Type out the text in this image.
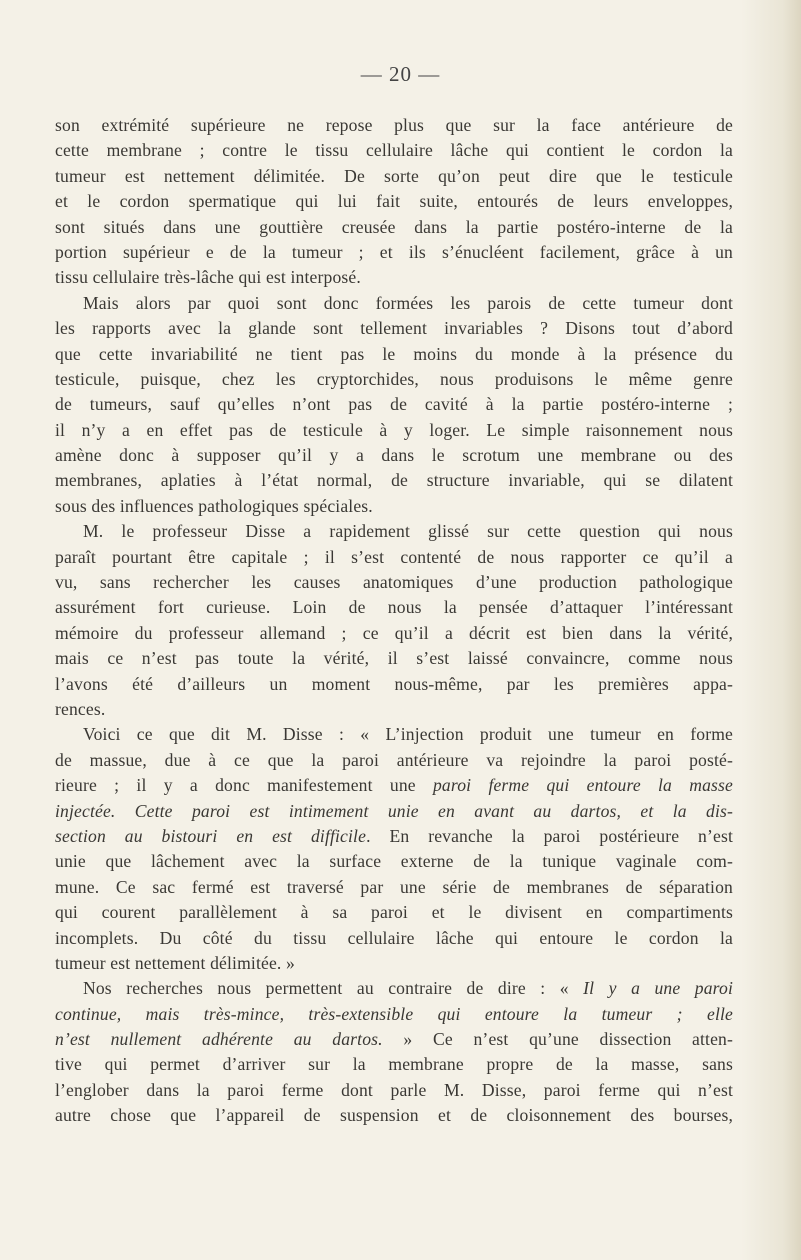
— 20 —
son extrémité supérieure ne repose plus que sur la face antérieure de
cette membrane ; contre le tissu cellulaire lâche qui contient le cordon la
tumeur est nettement délimitée. De sorte qu’on peut dire que le testicule
et le cordon spermatique qui lui fait suite, entourés de leurs enveloppes,
sont situés dans une gouttière creusée dans la partie postéro-interne de la
portion supérieur e de la tumeur ; et ils s’énucléent facilement, grâce à un
tissu cellulaire très-lâche qui est interposé.
Mais alors par quoi sont donc formées les parois de cette tumeur dont
les rapports avec la glande sont tellement invariables ? Disons tout d’abord
que cette invariabilité ne tient pas le moins du monde à la présence du
testicule, puisque, chez les cryptorchides, nous produisons le même genre
de tumeurs, sauf qu’elles n’ont pas de cavité à la partie postéro-interne ;
il n’y a en effet pas de testicule à y loger. Le simple raisonnement nous
amène donc à supposer qu’il y a dans le scrotum une membrane ou des
membranes, aplaties à l’état normal, de structure invariable, qui se dilatent
sous des influences pathologiques spéciales.
M. le professeur Disse a rapidement glissé sur cette question qui nous
paraît pourtant être capitale ; il s’est contenté de nous rapporter ce qu’il a
vu, sans rechercher les causes anatomiques d’une production pathologique
assurément fort curieuse. Loin de nous la pensée d’attaquer l’intéressant
mémoire du professeur allemand ; ce qu’il a décrit est bien dans la vérité,
mais ce n’est pas toute la vérité, il s’est laissé convaincre, comme nous
l’avons été d’ailleurs un moment nous-même, par les premières appa-
rences.
Voici ce que dit M. Disse : « L’injection produit une tumeur en forme
de massue, due à ce que la paroi antérieure va rejoindre la paroi posté-
rieure ; il y a donc manifestement une paroi ferme qui entoure la masse
injectée. Cette paroi est intimement unie en avant au dartos, et la dis-
section au bistouri en est difficile. En revanche la paroi postérieure n’est
unie que lâchement avec la surface externe de la tunique vaginale com-
mune. Ce sac fermé est traversé par une série de membranes de séparation
qui courent parallèlement à sa paroi et le divisent en compartiments
incomplets. Du côté du tissu cellulaire lâche qui entoure le cordon la
tumeur est nettement délimitée. »
Nos recherches nous permettent au contraire de dire : « Il y a une paroi
continue, mais très-mince, très-extensible qui entoure la tumeur ; elle
n’est nullement adhérente au dartos. » Ce n’est qu’une dissection atten-
tive qui permet d’arriver sur la membrane propre de la masse, sans
l’englober dans la paroi ferme dont parle M. Disse, paroi ferme qui n’est
autre chose que l’appareil de suspension et de cloisonnement des bourses,
